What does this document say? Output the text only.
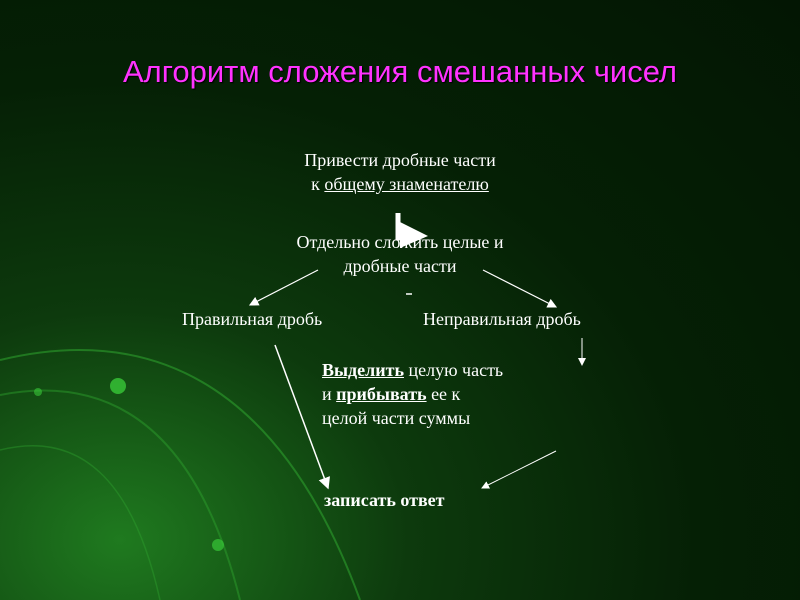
Алгоритм сложения смешанных чисел
Привести дробные части
к общему знаменателю
Отдельно сложить целые и
дробные части
Правильная дробь	Неправильная дробь
Выделить целую часть
и прибывать ее к
целой части суммы
записать ответ
